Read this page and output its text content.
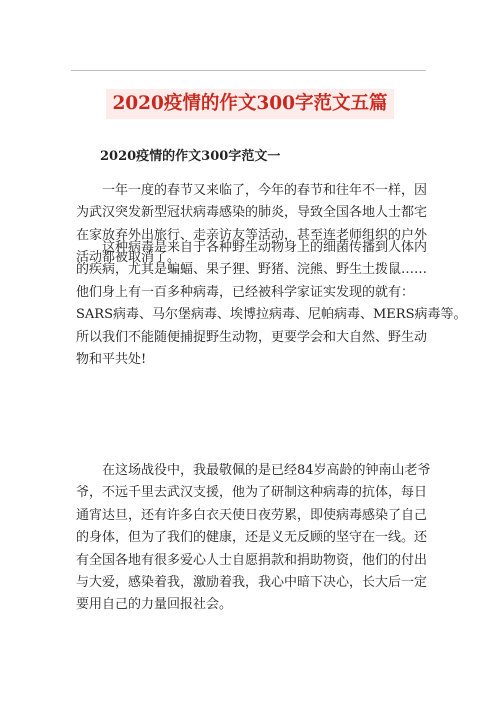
2020疫情的作文300字范文五篇
2020疫情的作文300字范文一
一年一度的春节又来临了，今年的春节和往年不一样，因
为武汉突发新型冠状病毒感染的肺炎，导致全国各地人士都宅
在家放弃外出旅行、走亲访友等活动，甚至连老师组织的户外
活动都被取消了。
这种病毒是来自于各种野生动物身上的细菌传播到人体内
的疾病，尤其是蝙蝠、果子狸、野猪、浣熊、野生土拨鼠……
他们身上有一百多种病毒，已经被科学家证实发现的就有：
SARS病毒、马尔堡病毒、埃博拉病毒、尼帕病毒、MERS病毒等。
所以我们不能随便捕捉野生动物，更要学会和大自然、野生动
物和平共处!
在这场战役中，我最敬佩的是已经84岁高龄的钟南山老爷
爷，不远千里去武汉支援，他为了研制这种病毒的抗体，每日
通宵达旦，还有许多白衣天使日夜劳累，即使病毒感染了自己
的身体，但为了我们的健康，还是义无反顾的坚守在一线。还
有全国各地有很多爱心人士自愿捐款和捐助物资，他们的付出
与大爱，感染着我，激励着我，我心中暗下决心，长大后一定
要用自己的力量回报社会。
